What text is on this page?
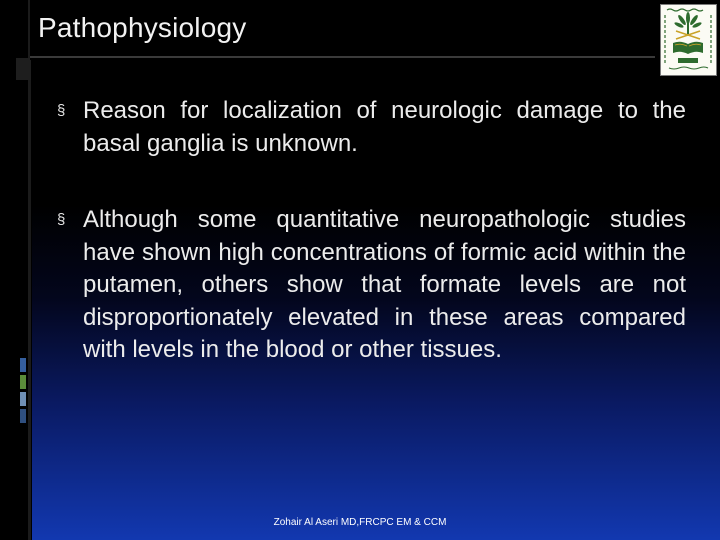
Pathophysiology
§ Reason for localization of neurologic damage to the basal ganglia is unknown.
§ Although some quantitative neuropathologic studies have shown high concentrations of formic acid within the putamen, others show that formate levels are not disproportionately elevated in these areas compared with levels in the blood or other tissues.
Zohair Al Aseri MD,FRCPC EM & CCM
